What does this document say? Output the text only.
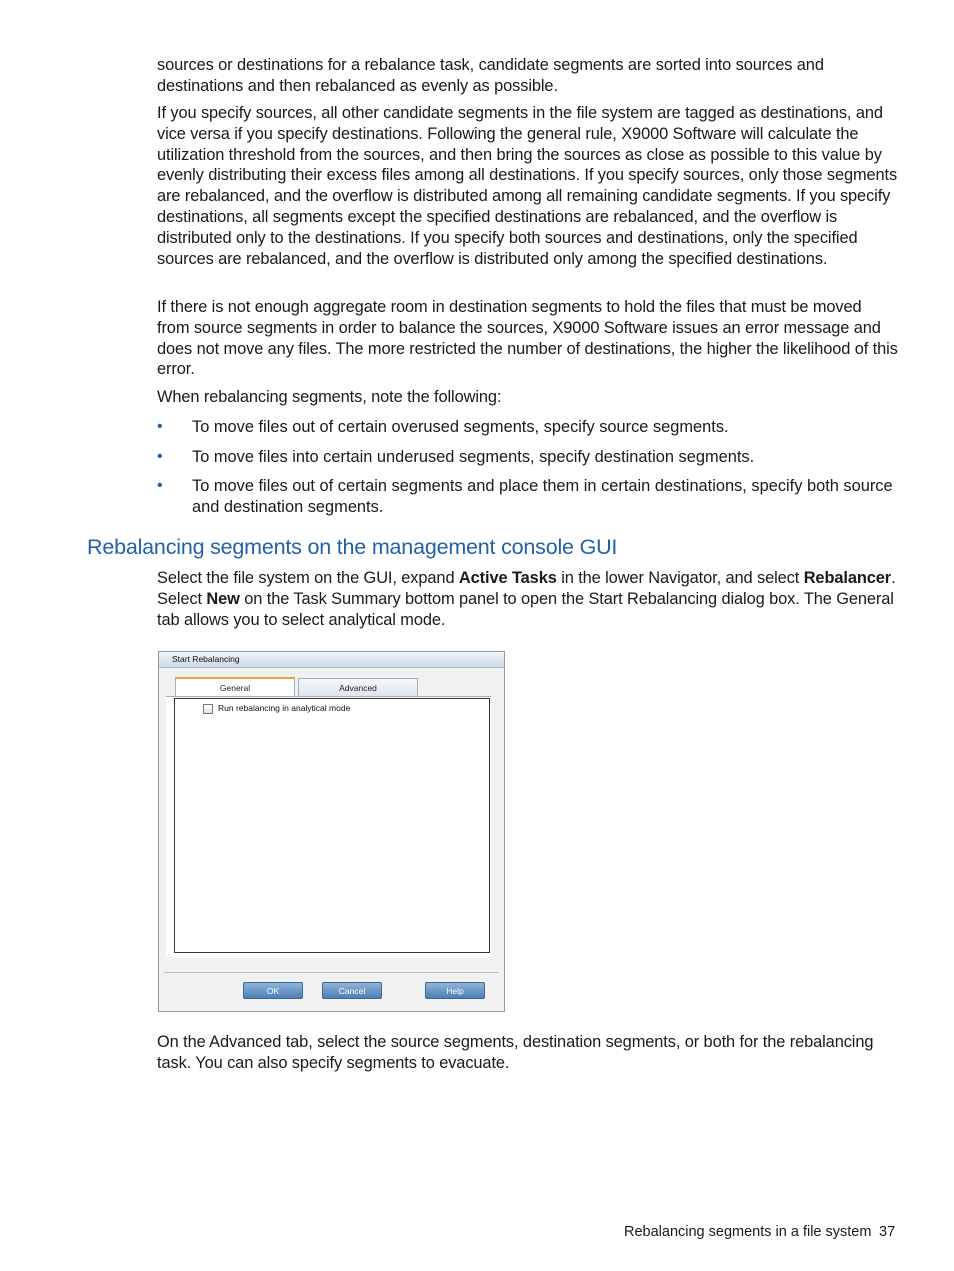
sources or destinations for a rebalance task, candidate segments are sorted into sources and destinations and then rebalanced as evenly as possible.

If you specify sources, all other candidate segments in the file system are tagged as destinations, and vice versa if you specify destinations. Following the general rule, X9000 Software will calculate the utilization threshold from the sources, and then bring the sources as close as possible to this value by evenly distributing their excess files among all destinations. If you specify sources, only those segments are rebalanced, and the overflow is distributed among all remaining candidate segments. If you specify destinations, all segments except the specified destinations are rebalanced, and the overflow is distributed only to the destinations. If you specify both sources and destinations, only the specified sources are rebalanced, and the overflow is distributed only among the specified destinations.

If there is not enough aggregate room in destination segments to hold the files that must be moved from source segments in order to balance the sources, X9000 Software issues an error message and does not move any files. The more restricted the number of destinations, the higher the likelihood of this error.

When rebalancing segments, note the following:

• To move files out of certain overused segments, specify source segments.
• To move files into certain underused segments, specify destination segments.
• To move files out of certain segments and place them in certain destinations, specify both source and destination segments.
Rebalancing segments on the management console GUI

Select the file system on the GUI, expand Active Tasks in the lower Navigator, and select Rebalancer. Select New on the Task Summary bottom panel to open the Start Rebalancing dialog box. The General tab allows you to select analytical mode.

Start Rebalancing
General	Advanced
Run rebalancing in analytical mode
OK	Cancel	Help

On the Advanced tab, select the source segments, destination segments, or both for the rebalancing task. You can also specify segments to evacuate.

Rebalancing segments in a file system 37
